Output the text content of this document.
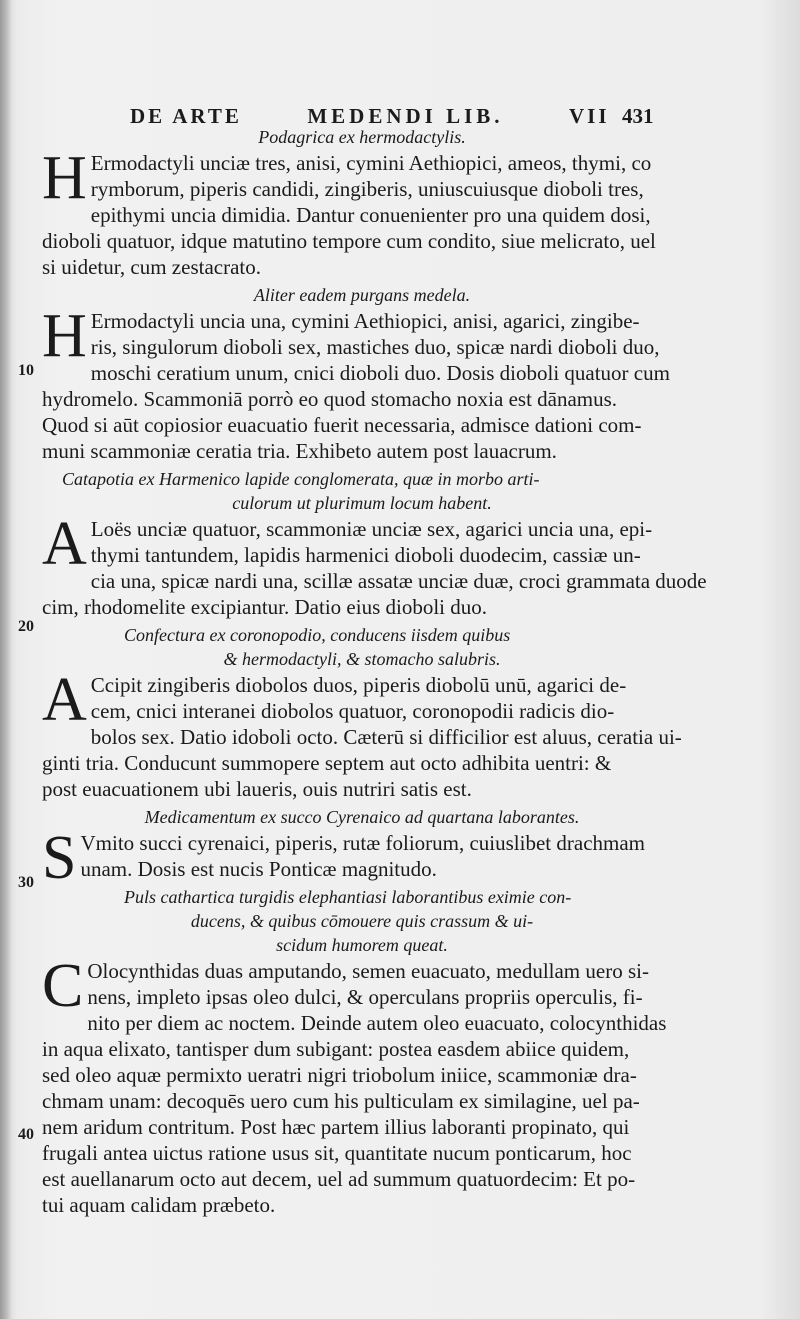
DE ARTE	MEDENDI LIB.	VII 431
10
20
30
40
Podagrica ex hermodactylis.
H Ermodactyli unciæ tres, anisi, cymini Aethiopici, ameos, thymi, co
rymborum, piperis candidi, zingiberis, uniuscuiusque dioboli tres,
epithymi uncia dimidia. Dantur conuenienter pro una quidem dosi,
dioboli quatuor, idque matutino tempore cum condito, siue melicrato, uel
si uidetur, cum zestacrato.
Aliter eadem purgans medela.
H Ermodactyli uncia una, cymini Aethiopici, anisi, agarici, zingibe-
ris, singulorum dioboli sex, mastiches duo, spicæ nardi dioboli duo,
moschi ceratium unum, cnici dioboli duo. Dosis dioboli quatuor cum
hydromelo. Scammoniā porrò eo quod stomacho noxia est dānamus.
Quod si aūt copiosior euacuatio fuerit necessaria, admisce dationi com-
muni scammoniæ ceratia tria. Exhibeto autem post lauacrum.
Catapotia ex Harmenico lapide conglomerata, quæ in morbo arti-
culorum ut plurimum locum habent.
A Loës unciæ quatuor, scammoniæ unciæ sex, agarici uncia una, epi-
thymi tantundem, lapidis harmenici dioboli duodecim, cassiæ un-
cia una, spicæ nardi una, scillæ assatæ unciæ duæ, croci grammata duode
cim, rhodomelite excipiantur. Datio eius dioboli duo.
Confectura ex coronopodio, conducens iisdem quibus
& hermodactyli, & stomacho salubris.
A Ccipit zingiberis diobolos duos, piperis diobolū unū, agarici de-
cem, cnici interanei diobolos quatuor, coronopodii radicis dio-
bolos sex. Datio idoboli octo. Cæterū si difficilior est aluus, ceratia ui-
ginti tria. Conducunt summopere septem aut octo adhibita uentri: &
post euacuationem ubi laueris, ouis nutriri satis est.
Medicamentum ex succo Cyrenaico ad quartana laborantes.
S Vmito succi cyrenaici, piperis, rutæ foliorum, cuiuslibet drachmam
unam. Dosis est nucis Ponticæ magnitudo.
Puls cathartica turgidis elephantiasi laborantibus eximie con-
ducens, & quibus cōmouere quis crassum & ui-
scidum humorem queat.
C Olocynthidas duas amputando, semen euacuato, medullam uero si-
nens, impleto ipsas oleo dulci, & operculans propriis operculis, fi-
nito per diem ac noctem. Deinde autem oleo euacuato, colocynthidas
in aqua elixato, tantisper dum subigant: postea easdem abiice quidem,
sed oleo aquæ permixto ueratri nigri triobolum iniice, scammoniæ dra-
chmam unam: decoquēs uero cum his pulticulam ex similagine, uel pa-
nem aridum contritum. Post hæc partem illius laboranti propinato, qui
frugali antea uictus ratione usus sit, quantitate nucum ponticarum, hoc
est auellanarum octo aut decem, uel ad summum quatuordecim: Et po-
tui aquam calidam præbeto.
